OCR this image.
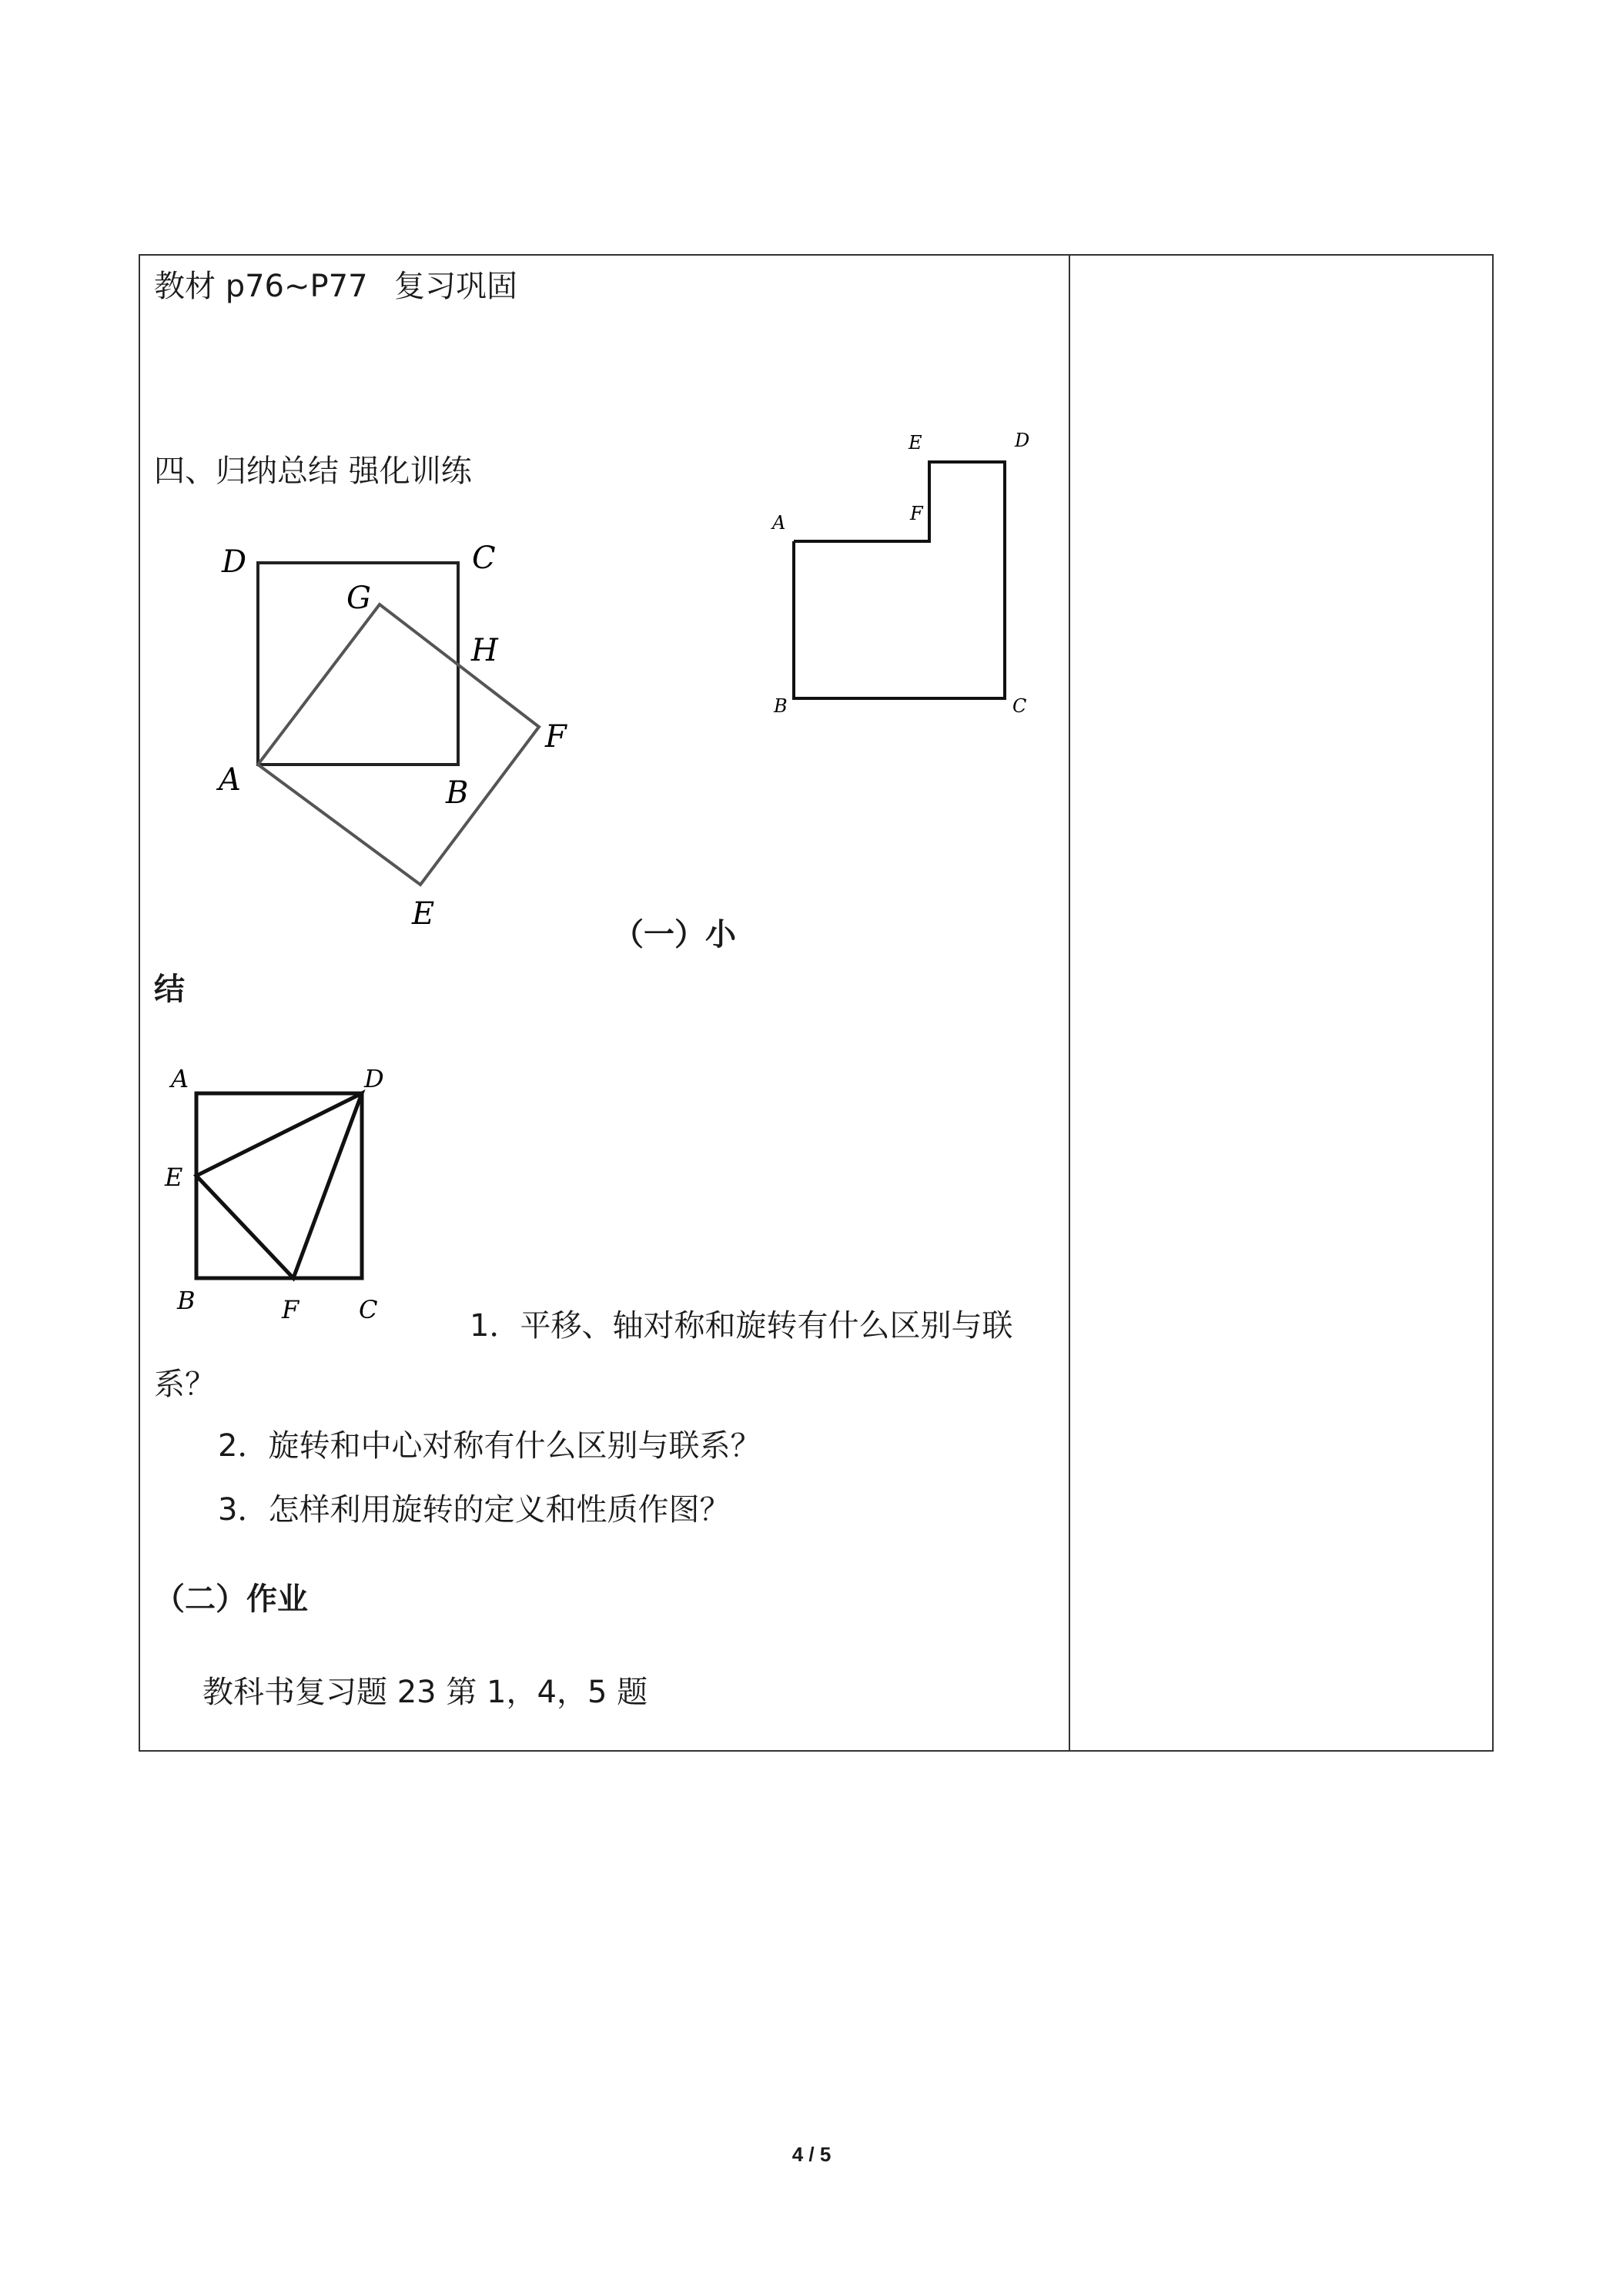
教材 p76~P77 复习巩固
四、归纳总结 强化训练
D	C
G
H
F
A	B
E
E	D
A	F
B	C
（一）小
结
A	D
E
B	F C	1．平移、轴对称和旋转有什么区别与联
系？
2．旋转和中心对称有什么区别与联系？
3．怎样利用旋转的定义和性质作图？
（二）作业
教科书复习题 23 第 1，4，5 题
4 / 5
